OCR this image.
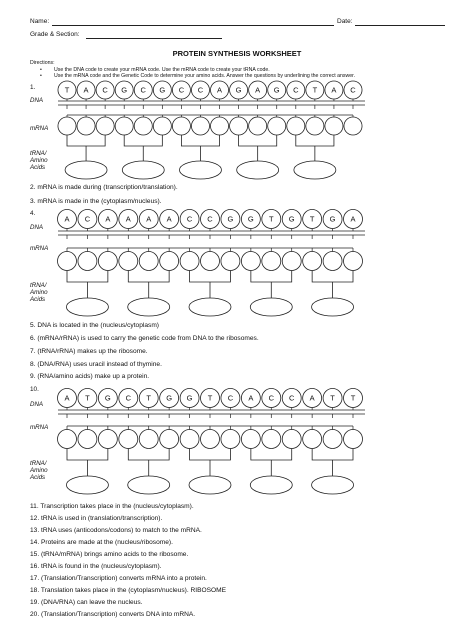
Name:	Date:
Grade & Section:
PROTEIN SYNTHESIS WORKSHEET
Directions:
• Use the DNA code to create your mRNA code. Use the mRNA code to create your tRNA code.
• Use the mRNA code and the Genetic Code to determine your amino acids. Answer the questions by underlining the correct answer.
1.
DNA
mRNA
tRNA/
Amino
Acids
T A C G C G C C A G A G C T A C
2. mRNA is made during (transcription/translation).
3. mRNA is made in the (cytoplasm/nucleus).
4.
DNA
mRNA
tRNA/
Amino
Acids
A C A A A A C C G G T G T G A
5. DNA is located in the (nucleus/cytoplasm)
6. (mRNA/rRNA) is used to carry the genetic code from DNA to the ribosomes.
7. (tRNA/rRNA) makes up the ribosome.
8. (DNA/RNA) uses uracil instead of thymine.
9. (RNA/amino acids) make up a protein.
10.
DNA
mRNA
tRNA/
Amino
Acids
A T G C T G G T C A C C A T T
11. Transcription takes place in the (nucleus/cytoplasm).
12. tRNA is used in (translation/transcription).
13. tRNA uses (anticodons/codons) to match to the mRNA.
14. Proteins are made at the (nucleus/ribosome).
15. (tRNA/mRNA) brings amino acids to the ribosome.
16. tRNA is found in the (nucleus/cytoplasm).
17. (Translation/Transcription) converts mRNA into a protein.
18. Translation takes place in the (cytoplasm/nucleus). RIBOSOME
19. (DNA/RNA) can leave the nucleus.
20. (Translation/Transcription) converts DNA into mRNA.
